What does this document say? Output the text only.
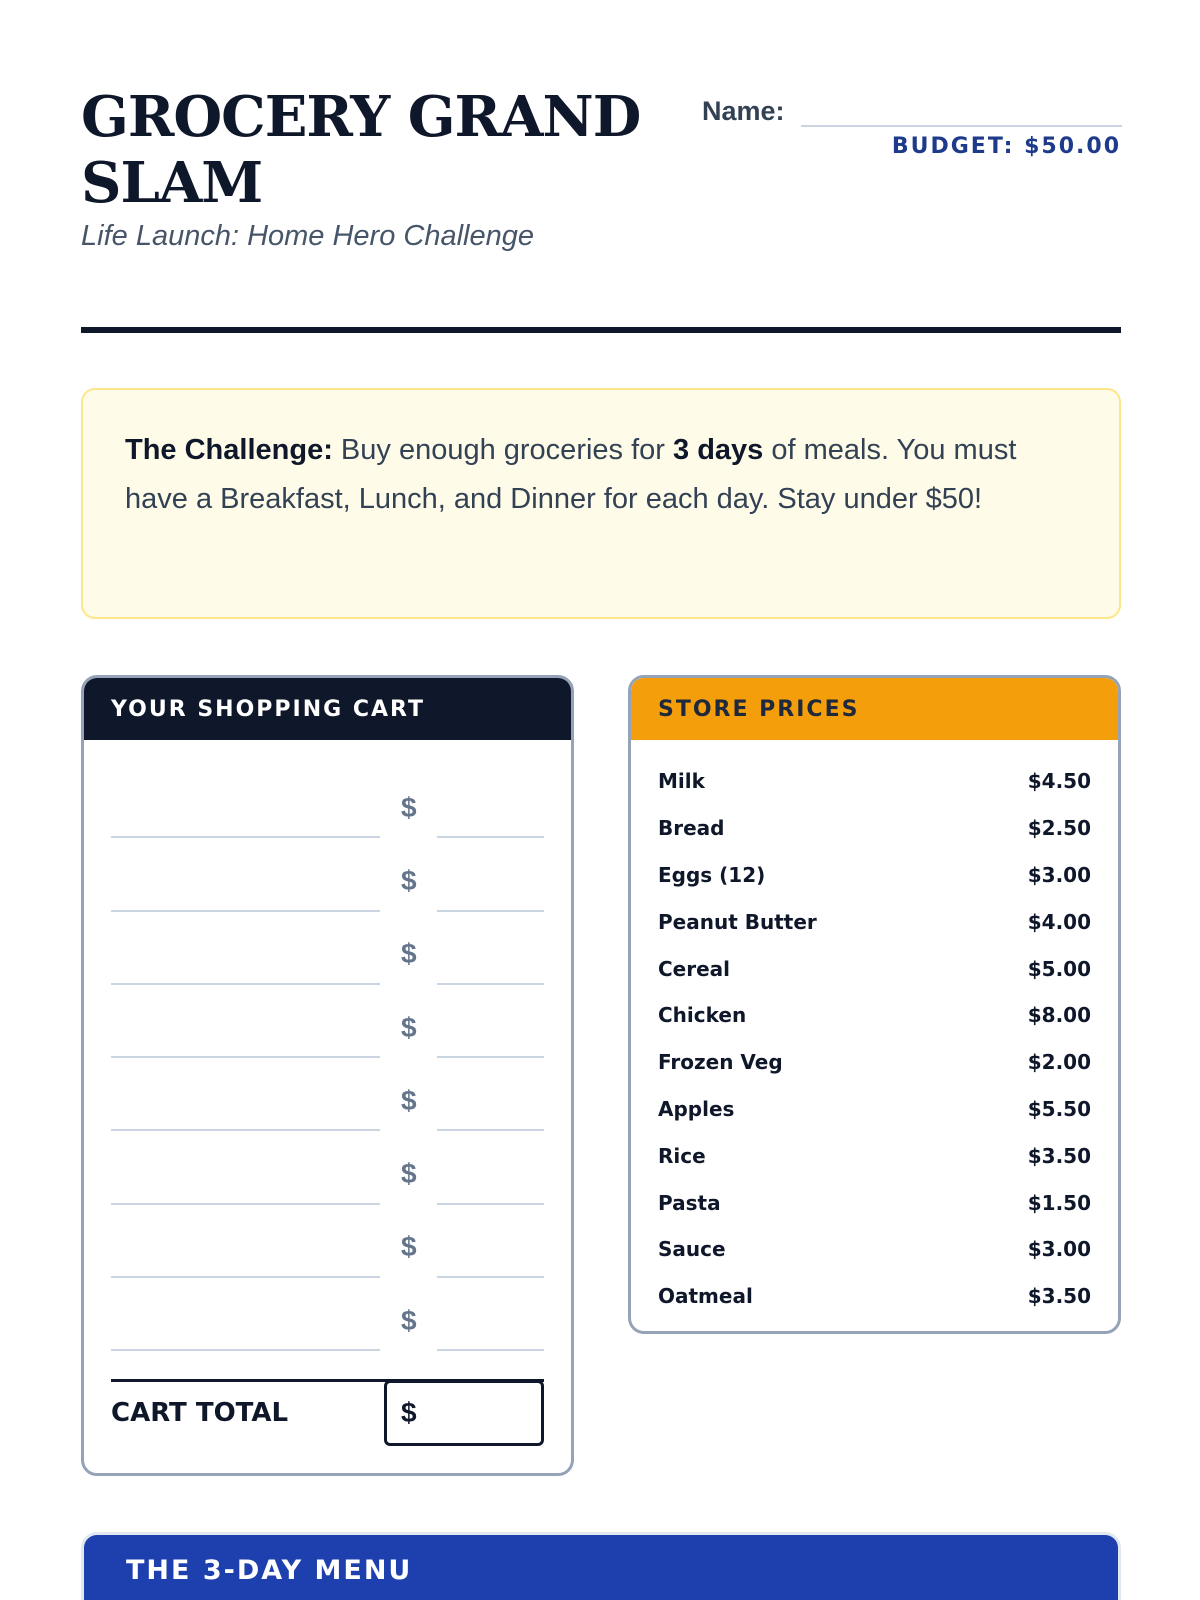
GROCERY GRAND SLAM
Life Launch: Home Hero Challenge
Name:
BUDGET: $50.00
The Challenge: Buy enough groceries for 3 days of meals. You must have a Breakfast, Lunch, and Dinner for each day. Stay under $50!
YOUR SHOPPING CART
$
$
$
$
$
$
$
$
CART TOTAL	$
STORE PRICES
Milk	$4.50
Bread	$2.50
Eggs (12)	$3.00
Peanut Butter	$4.00
Cereal	$5.00
Chicken	$8.00
Frozen Veg	$2.00
Apples	$5.50
Rice	$3.50
Pasta	$1.50
Sauce	$3.00
Oatmeal	$3.50
THE 3-DAY MENU
